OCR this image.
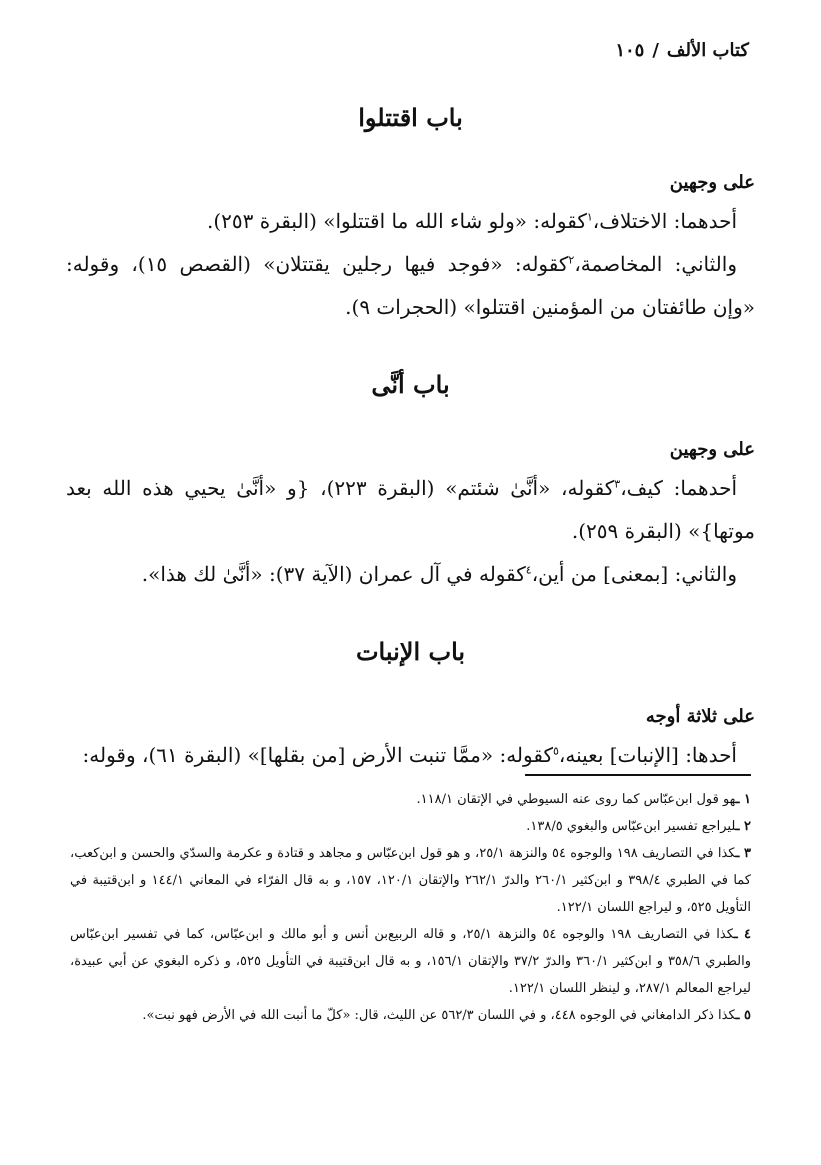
كتاب الألف/١٠٥
باب اقتتلوا
على وجهين

أحدهما: الاختلاف،$^١$كقوله: «ولو شاء الله ما اقتتلوا» (البقرة ٢٥٣).

والثاني: المخاصمة،$^٢$كقوله: «فوجد فيها رجلين يقتتلان» (القصص ١٥)، وقوله: «وإن طائفتان من المؤمنين اقتتلوا» (الحجرات ٩).

باب أنَّى
على وجهين

أحدهما: كيف،$^٣$كقوله، «أنَّىٰ شئتم» (البقرة ٢٢٣)، {و «أنَّىٰ يحيي هذه الله بعد موتها}» (البقرة ٢٥٩).

والثاني: [بمعنى] من أين،$^٤$كقوله في آل عمران (الآية ٣٧): «أنَّىٰ لك هذا».

باب الإنبات
على ثلاثة أوجه

أحدها: [الإنبات] بعينه،$^٥$كقوله: «ممَّا تنبت الأرض [من بقلها]» (البقرة ٦١)، وقوله:

١ ـهو قول ابن‌عبّاس كما روى عنه السيوطي في الإتقان ١١٨/١.

٢ ـليراجع تفسير ابن‌عبّاس والبغوي ١٣٨/٥.

٣ ـكذا في التصاريف ١٩٨ والوجوه ٥٤ والنزهة ٢٥/١، و هو قول ابن‌عبّاس و مجاهد و قتادة و عكرمة والسدّي والحسن و ابن‌كعب، كما في الطبري ٣٩٨/٤ و ابن‌كثير ٢٦٠/١ والدرّ ٢٦٢/١ والإتقان ١٢٠/١، ١٥٧، و به قال الفرّاء في المعاني ١٤٤/١ و ابن‌قتيبة في التأويل ٥٢٥، و ليراجع اللسان ١٢٢/١.

٤ ـكذا في التصاريف ١٩٨ والوجوه ٥٤ والنزهة ٢٥/١، و قاله الربيع‌بن أنس و أبو مالك و ابن‌عبّاس، كما في تفسير ابن‌عبّاس والطبري ٣٥٨/٦ و ابن‌كثير ٣٦٠/١ والدرّ ٣٧/٢ والإتقان ١٥٦/١، و به قال ابن‌قتيبة في التأويل ٥٢٥، و ذكره البغوي عن أبي عبيدة، ليراجع المعالم ٢٨٧/١، و لينظر اللسان ١٢٢/١.

٥ ـكذا ذكر الدامغاني في الوجوه ٤٤٨، و في اللسان ٥٦٢/٣ عن الليث، قال: «كلّ ما أنبت الله في الأرض فهو نبت».
